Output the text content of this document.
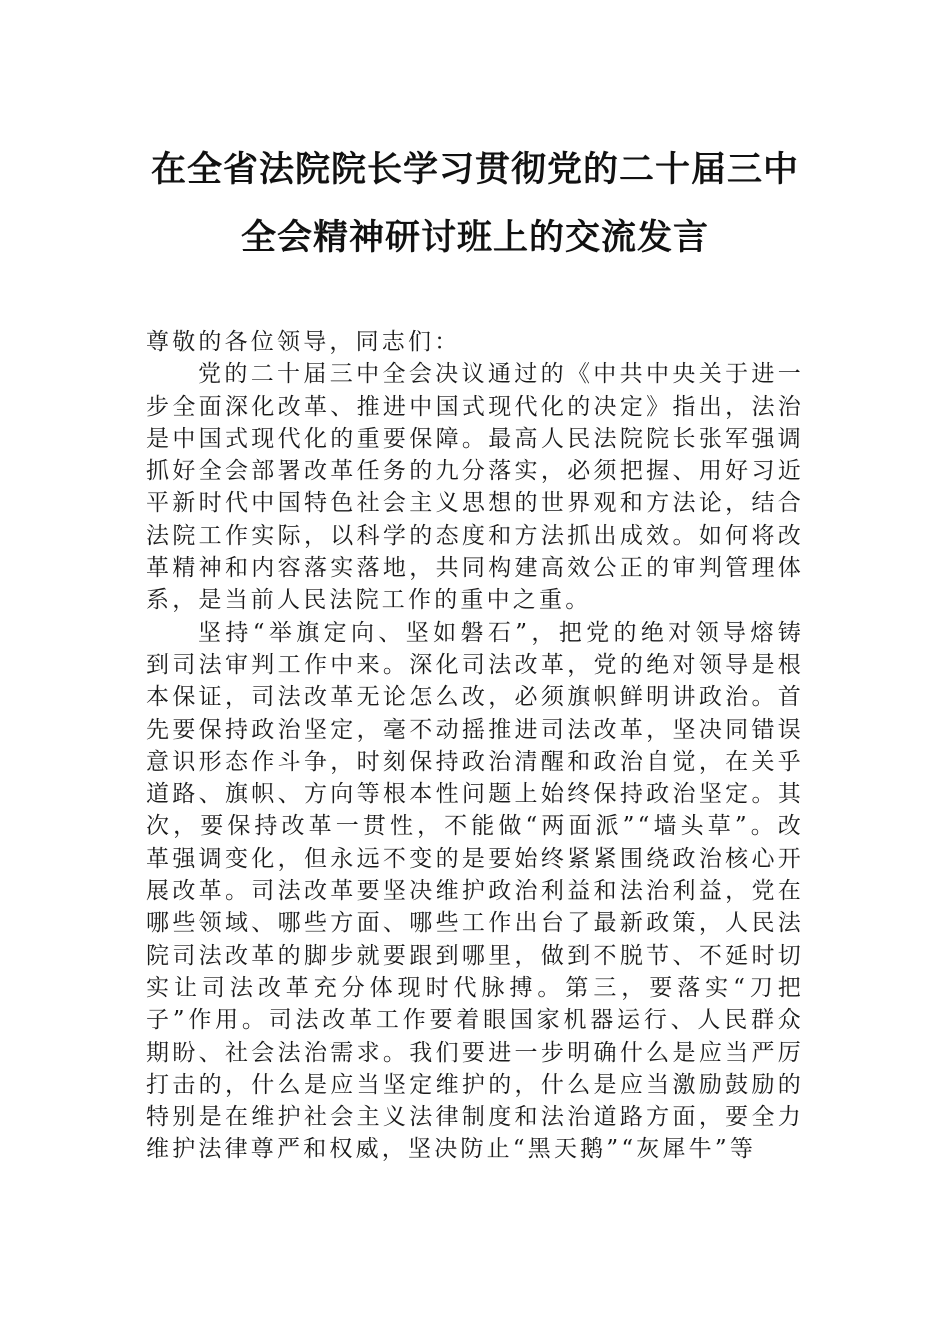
在全省法院院长学习贯彻党的二十届三中
全会精神研讨班上的交流发言

尊敬的各位领导，同志们：

党的二十届三中全会决议通过的《中共中央关于进一步全面深化改革、推进中国式现代化的决定》指出，法治是中国式现代化的重要保障。最高人民法院院长张军强调抓好全会部署改革任务的九分落实，必须把握、用好习近平新时代中国特色社会主义思想的世界观和方法论，结合法院工作实际，以科学的态度和方法抓出成效。如何将改革精神和内容落实落地，共同构建高效公正的审判管理体系，是当前人民法院工作的重中之重。

坚持“举旗定向、坚如磐石”，把党的绝对领导熔铸到司法审判工作中来。深化司法改革，党的绝对领导是根本保证，司法改革无论怎么改，必须旗帜鲜明讲政治。首先要保持政治坚定，毫不动摇推进司法改革，坚决同错误意识形态作斗争，时刻保持政治清醒和政治自觉，在关乎道路、旗帜、方向等根本性问题上始终保持政治坚定。其次，要保持改革一贯性，不能做“两面派”“墙头草”。改革强调变化，但永远不变的是要始终紧紧围绕政治核心开展改革。司法改革要坚决维护政治利益和法治利益，党在哪些领域、哪些方面、哪些工作出台了最新政策，人民法院司法改革的脚步就要跟到哪里，做到不脱节、不延时切实让司法改革充分体现时代脉搏。第三，要落实“刀把子”作用。司法改革工作要着眼国家机器运行、人民群众期盼、社会法治需求。我们要进一步明确什么是应当严厉打击的，什么是应当坚定维护的，什么是应当激励鼓励的特别是在维护社会主义法律制度和法治道路方面，要全力维护法律尊严和权威，坚决防止“黑天鹅”“灰犀牛”等
